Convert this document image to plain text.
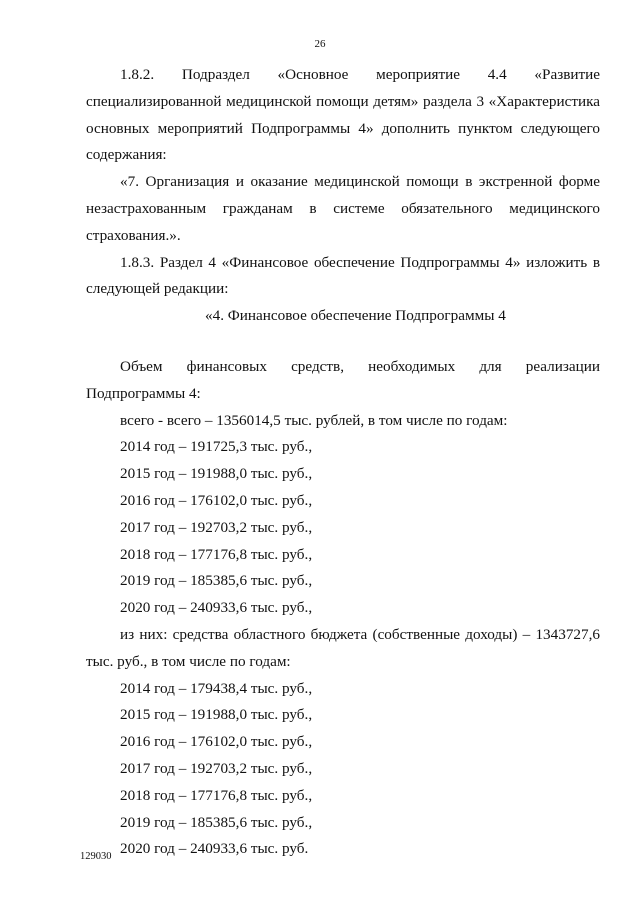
26

1.8.2. Подраздел «Основное мероприятие 4.4 «Развитие специализированной медицинской помощи детям» раздела 3 «Характеристика основных мероприятий Подпрограммы 4» дополнить пунктом следующего содержания:

«7. Организация и оказание медицинской помощи в экстренной форме незастрахованным гражданам в системе обязательного медицинского страхования.».

1.8.3. Раздел 4 «Финансовое обеспечение Подпрограммы 4» изложить в следующей редакции:

«4. Финансовое обеспечение Подпрограммы 4

Объем финансовых средств, необходимых для реализации Подпрограммы 4:

всего - всего – 1356014,5 тыс. рублей, в том числе по годам:

2014 год – 191725,3 тыс. руб.,

2015 год – 191988,0 тыс. руб.,

2016 год – 176102,0 тыс. руб.,

2017 год – 192703,2 тыс. руб.,

2018 год – 177176,8 тыс. руб.,

2019 год – 185385,6 тыс. руб.,

2020 год – 240933,6 тыс. руб.,

из них: средства областного бюджета (собственные доходы) – 1343727,6 тыс. руб., в том числе по годам:

2014 год – 179438,4 тыс. руб.,

2015 год – 191988,0 тыс. руб.,

2016 год – 176102,0 тыс. руб.,

2017 год – 192703,2 тыс. руб.,

2018 год – 177176,8 тыс. руб.,

2019 год – 185385,6 тыс. руб.,

2020 год – 240933,6 тыс. руб.

129030
